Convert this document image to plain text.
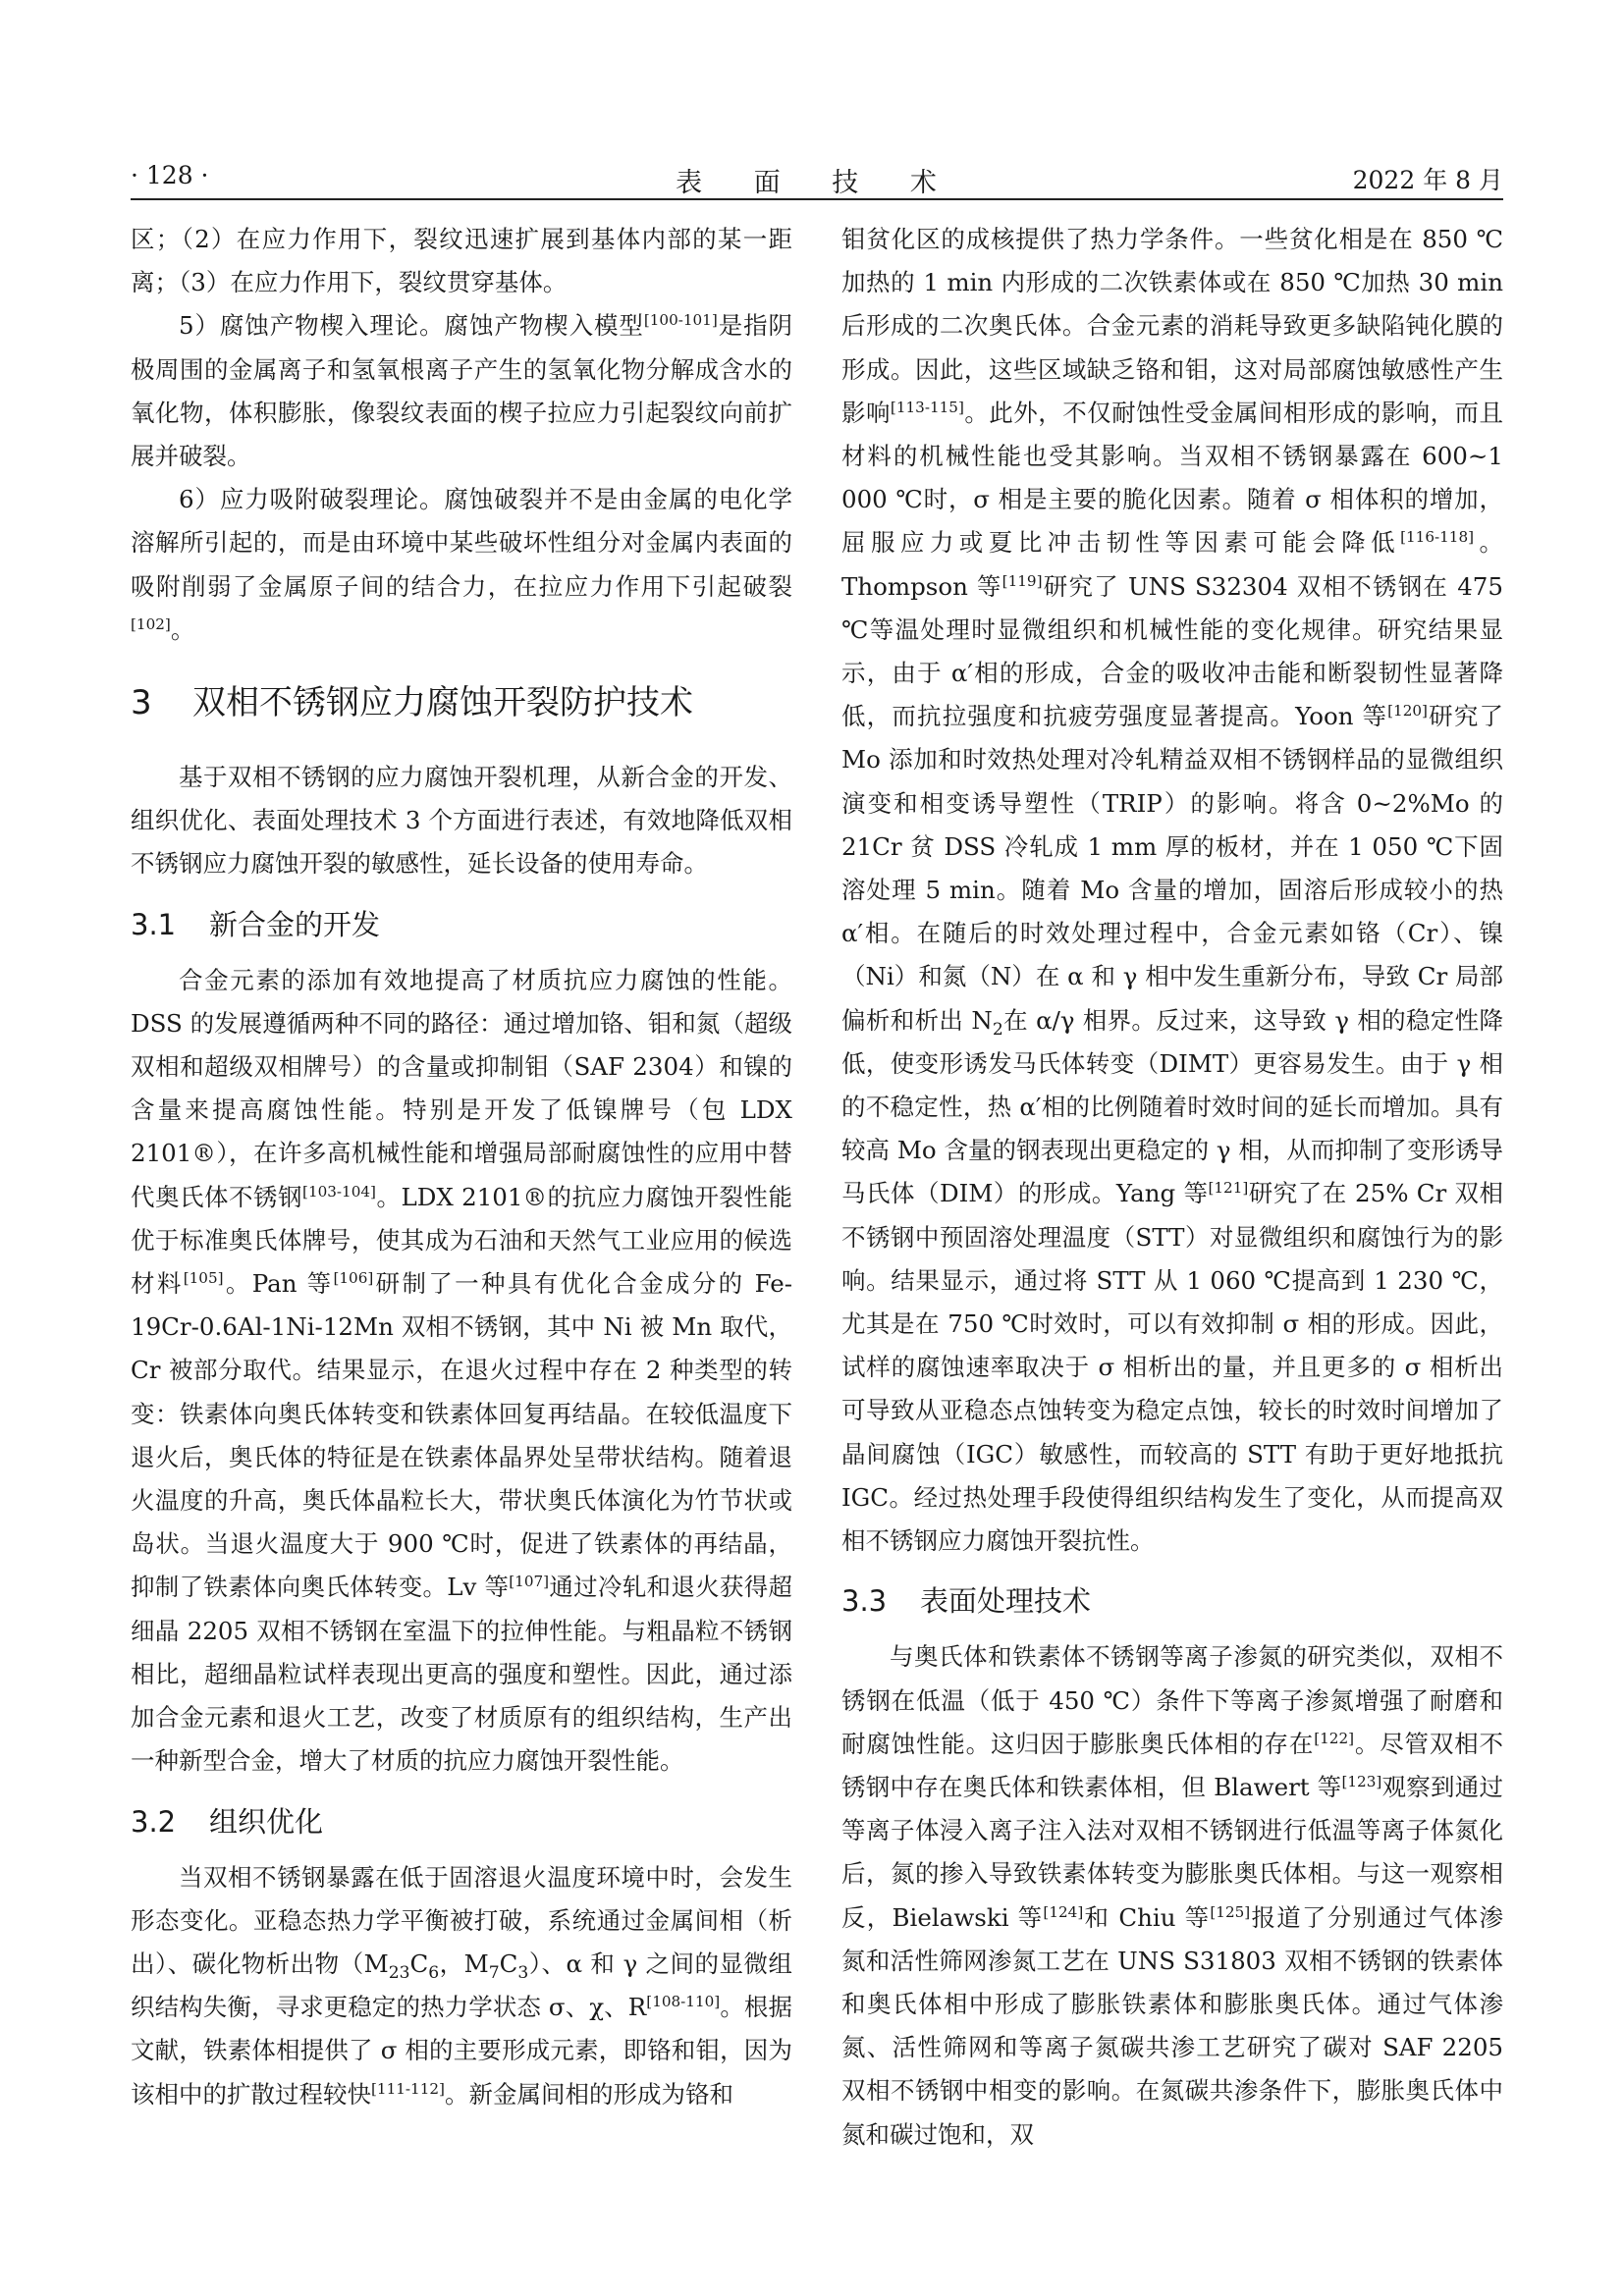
· 128 ·	表 面 技 术	2022 年 8 月

区；（2）在应力作用下，裂纹迅速扩展到基体内部的某一距离；（3）在应力作用下，裂纹贯穿基体。

5）腐蚀产物楔入理论。腐蚀产物楔入模型[100-101]是指阴极周围的金属离子和氢氧根离子产生的氢氧化物分解成含水的氧化物，体积膨胀，像裂纹表面的楔子拉应力引起裂纹向前扩展并破裂。

6）应力吸附破裂理论。腐蚀破裂并不是由金属的电化学溶解所引起的，而是由环境中某些破坏性组分对金属内表面的吸附削弱了金属原子间的结合力，在拉应力作用下引起破裂[102]。

3 双相不锈钢应力腐蚀开裂防护技术

基于双相不锈钢的应力腐蚀开裂机理，从新合金的开发、组织优化、表面处理技术 3 个方面进行表述，有效地降低双相不锈钢应力腐蚀开裂的敏感性，延长设备的使用寿命。

3.1 新合金的开发

合金元素的添加有效地提高了材质抗应力腐蚀的性能。DSS 的发展遵循两种不同的路径：通过增加铬、钼和氮（超级双相和超级双相牌号）的含量或抑制钼（SAF 2304）和镍的含量来提高腐蚀性能。特别是开发了低镍牌号（包 LDX 2101®），在许多高机械性能和增强局部耐腐蚀性的应用中替代奥氏体不锈钢[103-104]。LDX 2101®的抗应力腐蚀开裂性能优于标准奥氏体牌号，使其成为石油和天然气工业应用的候选材料[105]。Pan 等[106]研制了一种具有优化合金成分的 Fe-19Cr-0.6Al-1Ni-12Mn 双相不锈钢，其中 Ni 被 Mn 取代，Cr 被部分取代。结果显示，在退火过程中存在 2 种类型的转变：铁素体向奥氏体转变和铁素体回复再结晶。在较低温度下退火后，奥氏体的特征是在铁素体晶界处呈带状结构。随着退火温度的升高，奥氏体晶粒长大，带状奥氏体演化为竹节状或岛状。当退火温度大于 900 ℃时，促进了铁素体的再结晶，抑制了铁素体向奥氏体转变。Lv 等[107]通过冷轧和退火获得超细晶 2205 双相不锈钢在室温下的拉伸性能。与粗晶粒不锈钢相比，超细晶粒试样表现出更高的强度和塑性。因此，通过添加合金元素和退火工艺，改变了材质原有的组织结构，生产出一种新型合金，增大了材质的抗应力腐蚀开裂性能。

3.2 组织优化

当双相不锈钢暴露在低于固溶退火温度环境中时，会发生形态变化。亚稳态热力学平衡被打破，系统通过金属间相（析出）、碳化物析出物（$M_{23}C_6$，$M_7C_3$）、α 和 γ 之间的显微组织结构失衡，寻求更稳定的热力学状态 σ、χ、R[108-110]。根据文献，铁素体相提供了 σ 相的主要形成元素，即铬和钼，因为该相中的扩散过程较快[111-112]。新金属间相的形成为铬和

钼贫化区的成核提供了热力学条件。一些贫化相是在 850 ℃加热的 1 min 内形成的二次铁素体或在 850 ℃加热 30 min 后形成的二次奥氏体。合金元素的消耗导致更多缺陷钝化膜的形成。因此，这些区域缺乏铬和钼，这对局部腐蚀敏感性产生影响[113-115]。此外，不仅耐蚀性受金属间相形成的影响，而且材料的机械性能也受其影响。当双相不锈钢暴露在 600~1 000 ℃时，σ 相是主要的脆化因素。随着 σ 相体积的增加，屈服应力或夏比冲击韧性等因素可能会降低[116-118]。Thompson 等[119]研究了 UNS S32304 双相不锈钢在 475 ℃等温处理时显微组织和机械性能的变化规律。研究结果显示，由于 α′相的形成，合金的吸收冲击能和断裂韧性显著降低，而抗拉强度和抗疲劳强度显著提高。Yoon 等[120]研究了 Mo 添加和时效热处理对冷轧精益双相不锈钢样品的显微组织演变和相变诱导塑性（TRIP）的影响。将含 0~2%Mo 的 21Cr 贫 DSS 冷轧成 1 mm 厚的板材，并在 1 050 ℃下固溶处理 5 min。随着 Mo 含量的增加，固溶后形成较小的热 α′相。在随后的时效处理过程中，合金元素如铬（Cr）、镍（Ni）和氮（N）在 α 和 γ 相中发生重新分布，导致 Cr 局部偏析和析出 $N_2$在 α/γ 相界。反过来，这导致 γ 相的稳定性降低，使变形诱发马氏体转变（DIMT）更容易发生。由于 γ 相的不稳定性，热 α′相的比例随着时效时间的延长而增加。具有较高 Mo 含量的钢表现出更稳定的 γ 相，从而抑制了变形诱导马氏体（DIM）的形成。Yang 等[121]研究了在 25% Cr 双相不锈钢中预固溶处理温度（STT）对显微组织和腐蚀行为的影响。结果显示，通过将 STT 从 1 060 ℃提高到 1 230 ℃，尤其是在 750 ℃时效时，可以有效抑制 σ 相的形成。因此，试样的腐蚀速率取决于 σ 相析出的量，并且更多的 σ 相析出可导致从亚稳态点蚀转变为稳定点蚀，较长的时效时间增加了晶间腐蚀（IGC）敏感性，而较高的 STT 有助于更好地抵抗 IGC。经过热处理手段使得组织结构发生了变化，从而提高双相不锈钢应力腐蚀开裂抗性。

3.3 表面处理技术

与奥氏体和铁素体不锈钢等离子渗氮的研究类似，双相不锈钢在低温（低于 450 ℃）条件下等离子渗氮增强了耐磨和耐腐蚀性能。这归因于膨胀奥氏体相的存在[122]。尽管双相不锈钢中存在奥氏体和铁素体相，但 Blawert 等[123]观察到通过等离子体浸入离子注入法对双相不锈钢进行低温等离子体氮化后，氮的掺入导致铁素体转变为膨胀奥氏体相。与这一观察相反，Bielawski 等[124]和 Chiu 等[125]报道了分别通过气体渗氮和活性筛网渗氮工艺在 UNS S31803 双相不锈钢的铁素体和奥氏体相中形成了膨胀铁素体和膨胀奥氏体。通过气体渗氮、活性筛网和等离子氮碳共渗工艺研究了碳对 SAF 2205 双相不锈钢中相变的影响。在氮碳共渗条件下，膨胀奥氏体中氮和碳过饱和，双
